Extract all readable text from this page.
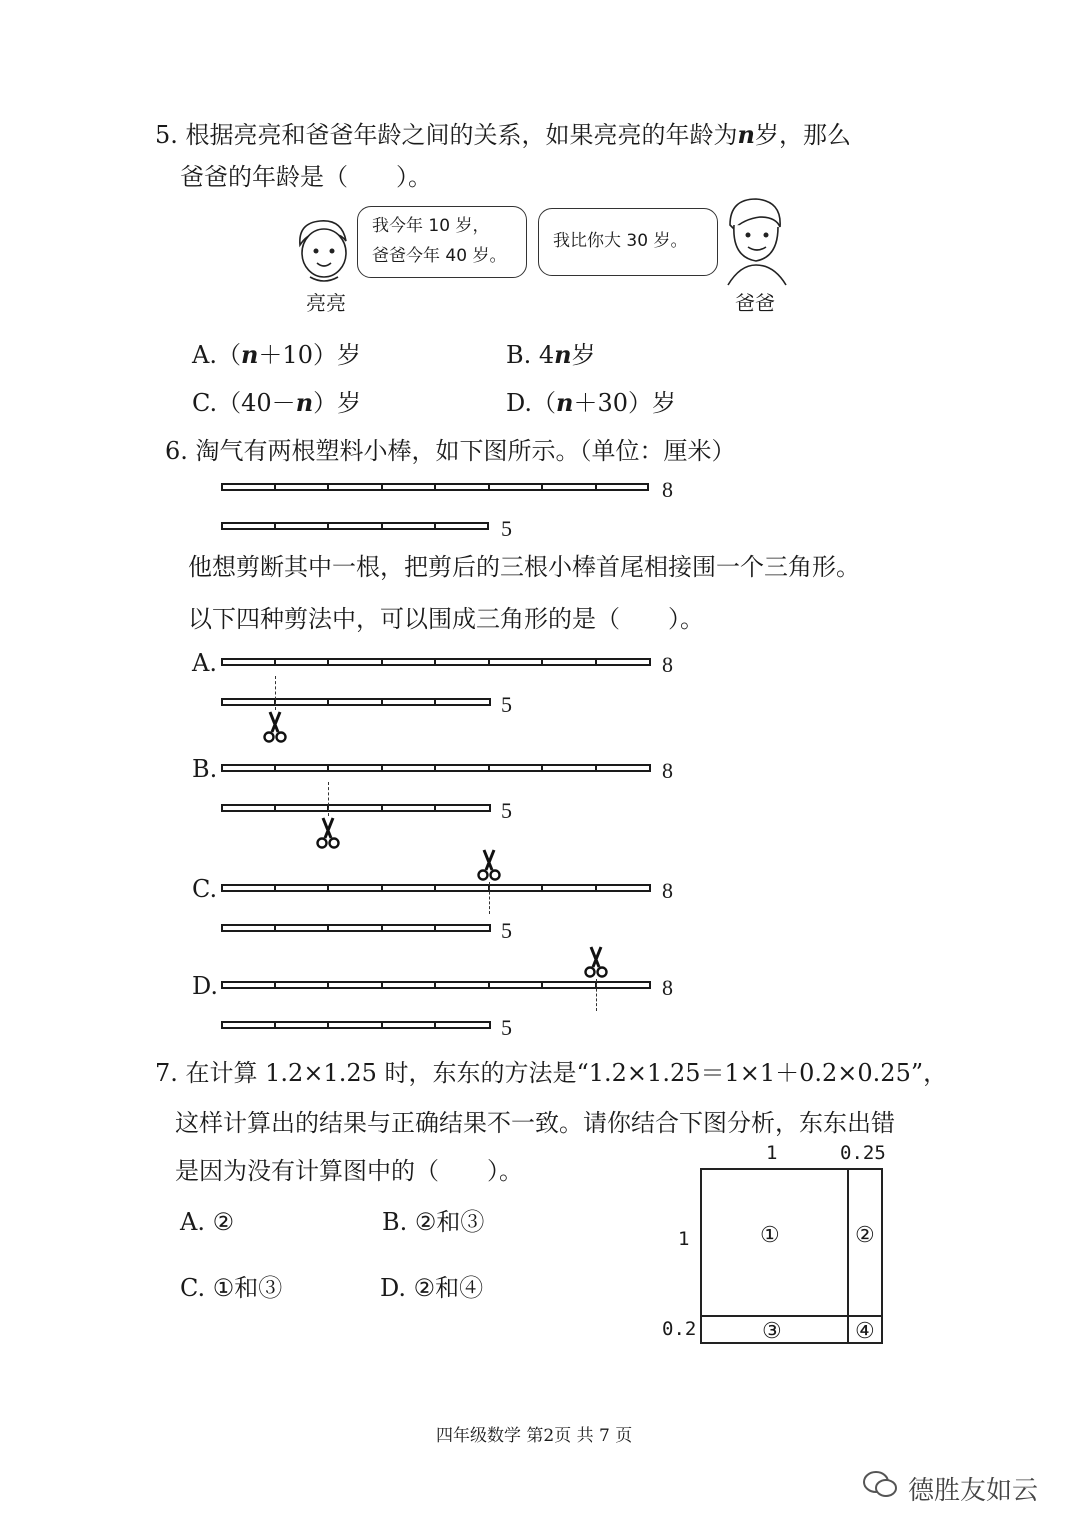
5. 根据亮亮和爸爸年龄之间的关系，如果亮亮的年龄为n岁，那么
爸爸的年龄是（　　）。
我今年 10 岁，
爸爸今年 40 岁。
我比你大 30 岁。
亮亮	爸爸
A.（n＋10）岁	B. 4n岁
C.（40－n）岁	D.（n＋30）岁
6. 淘气有两根塑料小棒，如下图所示。（单位：厘米）
8
5
他想剪断其中一根，把剪后的三根小棒首尾相接围一个三角形。
以下四种剪法中，可以围成三角形的是（　　）。
A.	8
5
B.	8
5
C.	8
5
D.	8
5
7. 在计算 1.2×1.25 时，东东的方法是“1.2×1.25＝1×1＋0.2×0.25”，
这样计算出的结果与正确结果不一致。请你结合下图分析，东东出错
是因为没有计算图中的（　　）。
A. ②	B. ②和③
C. ①和③	D. ②和④
①	②
③	④
1	0.25
1
0.2
四年级数学 第2页 共 7 页
德胜友如云
